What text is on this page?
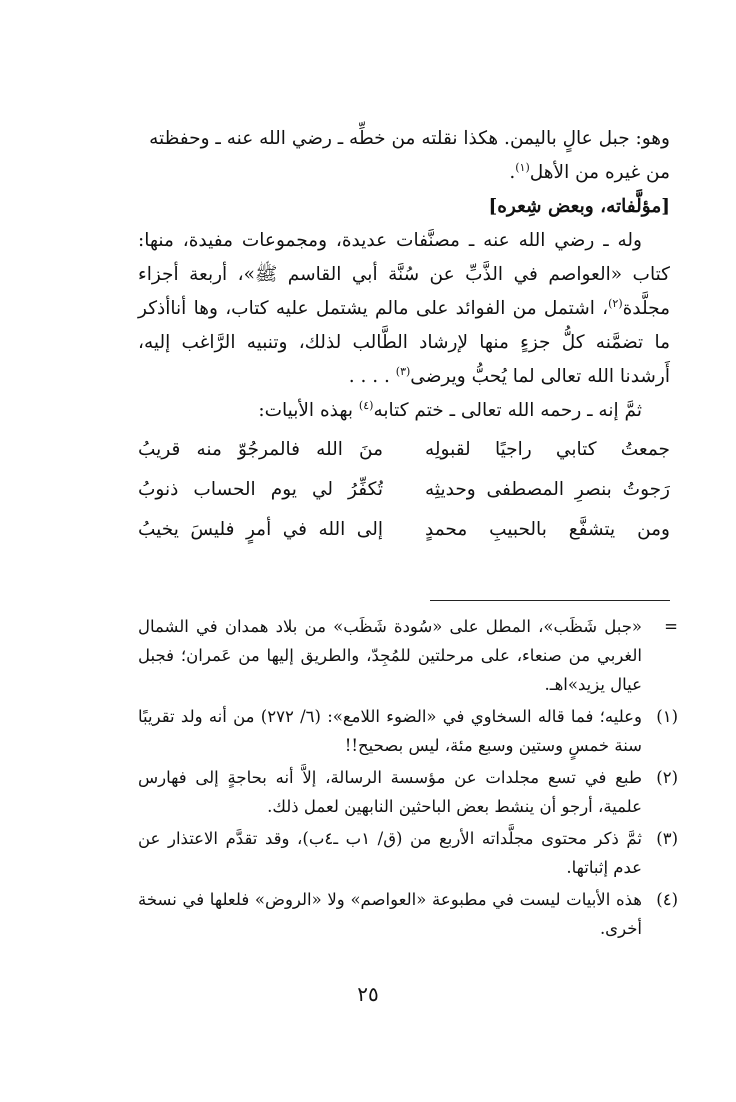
وهو: جبل عالٍ باليمن. هكذا نقلته من خطِّه ـ رضي الله عنه ـ وحفظته

من غيره من الأهل$^{(١)}$.

[مؤلَّفاته، وبعض شِعره]

وله ـ رضي الله عنه ـ مصنَّفات عديدة، ومجموعات مفيدة، منها: كتاب «العواصم في الذَّبِّ عن سُنَّة أبي القاسم ﷺ»، أربعة أجزاء مجلَّدة$^{(٢)}$، اشتمل من الفوائد على مالم يشتمل عليه كتاب، وها أناأذكر ما تضمَّنه كلُّ جزءٍ منها لإرشاد الطَّالب لذلك، وتنبيه الرَّاغب إليه، أَرشدنا الله تعالى لما يُحبُّ ويرضى$^{(٣)}$ . . . .

ثمَّ إنه ـ رحمه الله تعالى ـ ختم كتابه$^{(٤)}$ بهذه الأبيات:

جمعتُ كتابي راجيًا لقبولِه
منَ الله فالمرجُوّ منه قريبُ
رَجوتُ بنصرِ المصطفى وحديثِه
تُكفِّرُ لي يوم الحساب ذنوبُ
ومن يتشفَّع بالحبيبِ محمدٍ
إلى الله في أمرٍ فليسَ يخيبُ
=
«جبل شَظَب»، المطل على «سُودة شَظَب» من بلاد همدان في الشمال الغربي من صنعاء، على مرحلتين للمُجِدّ، والطريق إليها من عَمران؛ فجبل عيال يزيد»اهـ.
(١)
وعليه؛ فما قاله السخاوي في «الضوء اللامع»: (٦/ ٢٧٢) من أنه ولد تقريبًا سنة خمسٍ وستين وسبع مئة، ليس بصحيح!!
(٢)
طبع في تسع مجلدات عن مؤسسة الرسالة، إلاَّ أنه بحاجةٍ إلى فهارس علمية، أرجو أن ينشط بعض الباحثين النابهين لعمل ذلك.
(٣)
ثمَّ ذكر محتوى مجلَّداته الأربع من (ق/ ١ب ـ٤ب)، وقد تقدَّم الاعتذار عن عدم إثباتها.
(٤)
هذه الأبيات ليست في مطبوعة «العواصم» ولا «الروض» فلعلها في نسخة أخرى.
٢٥
